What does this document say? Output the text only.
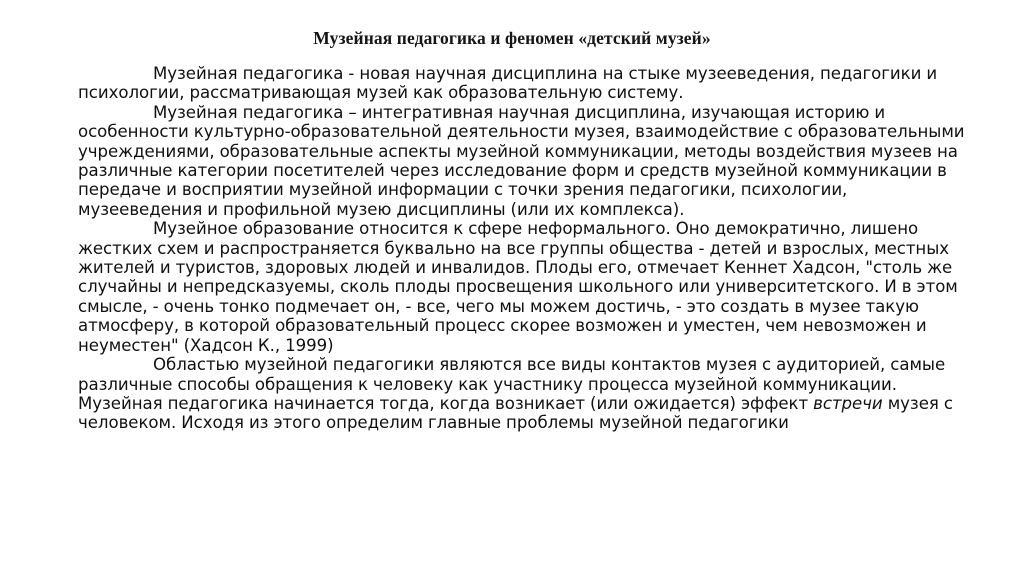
Музейная педагогика и феномен «детский музей»

Музейная педагогика - новая научная дисциплина на стыке музееведения, педагогики и психологии, рассматривающая музей как образовательную систему.

Музейная педагогика – интегративная научная дисциплина, изучающая историю и особенности культурно-образовательной деятельности музея, взаимодействие с образовательными учреждениями, образовательные аспекты музейной коммуникации, методы воздействия музеев на различные категории посетителей через исследование форм и средств музейной коммуникации в передаче и восприятии музейной информации с точки зрения педагогики, психологии, музееведения и профильной музею дисциплины (или их комплекса).

Музейное образование относится к сфере неформального. Оно демократично, лишено жестких схем и распространяется буквально на все группы общества - детей и взрослых, местных жителей и туристов, здоровых людей и инвалидов. Плоды его, отмечает Кеннет Хадсон, "столь же случайны и непредсказуемы, сколь плоды просвещения школьного или университетского. И в этом смысле, - очень тонко подмечает он, - все, чего мы можем достичь, - это создать в музее такую атмосферу, в которой образовательный процесс скорее возможен и уместен, чем невозможен и неуместен" (Хадсон К., 1999)

Областью музейной педагогики являются все виды контактов музея с аудиторией, самые различные способы обращения к человеку как участнику процесса музейной коммуникации. Музейная педагогика начинается тогда, когда возникает (или ожидается) эффект встречи музея с человеком. Исходя из этого определим главные проблемы музейной педагогики
